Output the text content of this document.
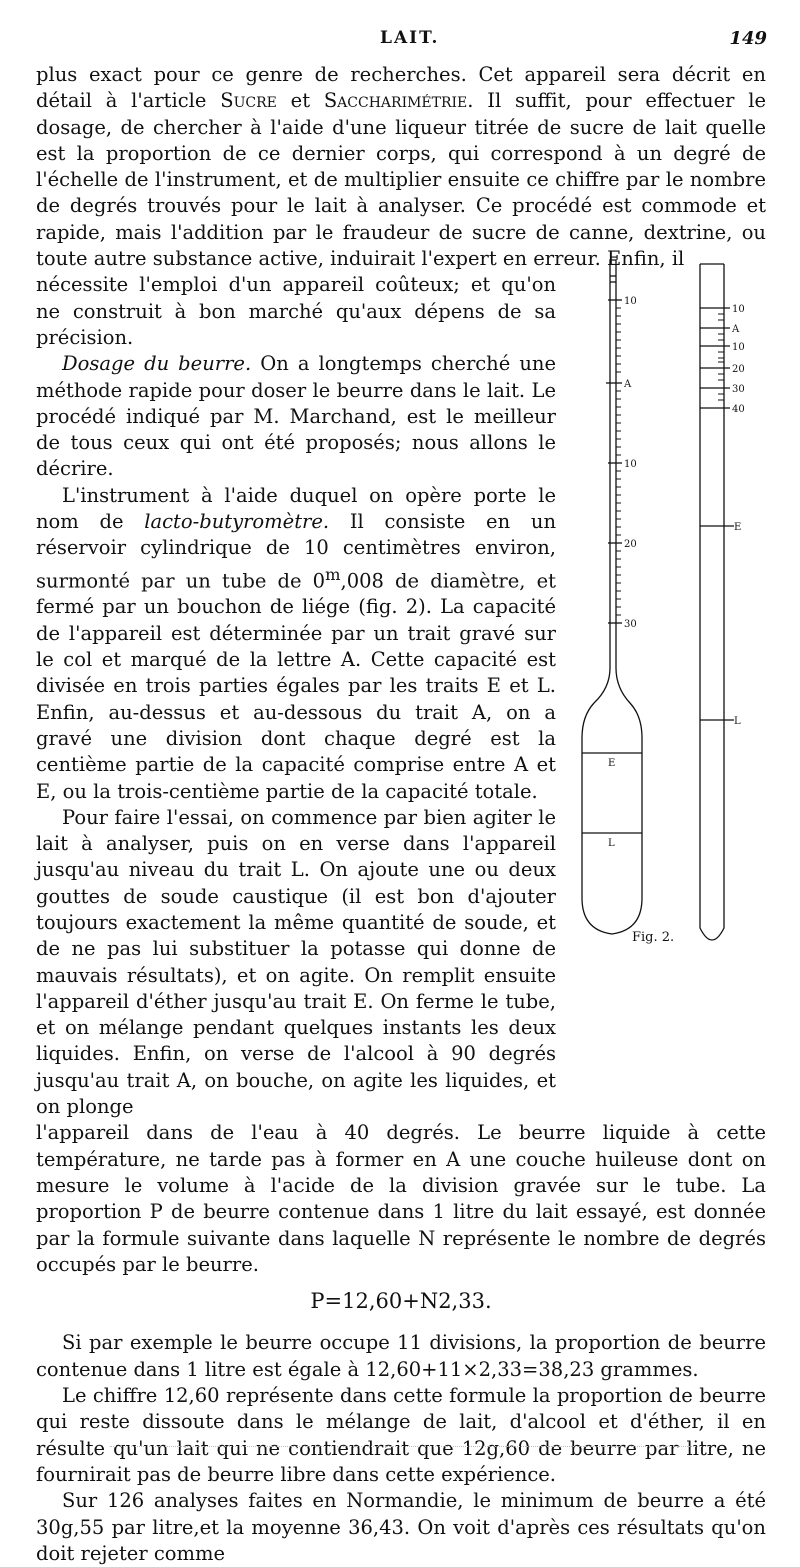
LAIT.	149

plus exact pour ce genre de recherches. Cet appareil sera décrit en détail à l'article Sucre et Saccharimétrie. Il suffit, pour effectuer le dosage, de chercher à l'aide d'une liqueur titrée de sucre de lait quelle est la proportion de ce dernier corps, qui correspond à un degré de l'échelle de l'instrument, et de multiplier ensuite ce chiffre par le nombre de degrés trouvés pour le lait à analyser. Ce procédé est commode et rapide, mais l'addition par le fraudeur de sucre de canne, dextrine, ou toute autre substance active, induirait l'expert en erreur. Enfin, il

nécessite l'emploi d'un appareil coûteux; et qu'on ne construit à bon marché qu'aux dépens de sa précision.

Dosage du beurre. On a longtemps cherché une méthode rapide pour doser le beurre dans le lait. Le procédé indiqué par M. Marchand, est le meilleur de tous ceux qui ont été proposés; nous allons le décrire.

L'instrument à l'aide duquel on opère porte le nom de lacto-butyromètre. Il consiste en un réservoir cylindrique de 10 centimètres environ, surmonté par un tube de 0$^m$,008 de diamètre, et fermé par un bouchon de liége (fig. 2). La capacité de l'appareil est déterminée par un trait gravé sur le col et marqué de la lettre A. Cette capacité est divisée en trois parties égales par les traits E et L. Enfin, au-dessus et au-dessous du trait A, on a gravé une division dont chaque degré est la centième partie de la capacité comprise entre A et E, ou la trois-centième partie de la capacité totale.

Pour faire l'essai, on commence par bien agiter le lait à analyser, puis on en verse dans l'appareil jusqu'au niveau du trait L. On ajoute une ou deux gouttes de soude caustique (il est bon d'ajouter toujours exactement la même quantité de soude, et de ne pas lui substituer la potasse qui donne de mauvais résultats), et on agite. On remplit ensuite l'appareil d'éther jusqu'au trait E. On ferme le tube, et on mélange pendant quelques instants les deux liquides. Enfin, on verse de l'alcool à 90 degrés jusqu'au trait A, on bouche, on agite les liquides, et on plonge

l'appareil dans de l'eau à 40 degrés. Le beurre liquide à cette température, ne tarde pas à former en A une couche huileuse dont on mesure le volume à l'acide de la division gravée sur le tube. La proportion P de beurre contenue dans 1 litre du lait essayé, est donnée par la formule suivante dans laquelle N représente le nombre de degrés occupés par le beurre.

P=12,60+N2,33.

Si par exemple le beurre occupe 11 divisions, la proportion de beurre contenue dans 1 litre est égale à 12,60+11×2,33=38,23 grammes.

Le chiffre 12,60 représente dans cette formule la proportion de beurre qui reste dissoute dans le mélange de lait, d'alcool et d'éther, il en résulte qu'un lait qui ne contiendrait que 12g,60 de beurre par litre, ne fournirait pas de beurre libre dans cette expérience.

Sur 126 analyses faites en Normandie, le minimum de beurre a été 30g,55 par litre,et la moyenne 36,43. On voit d'après ces résultats qu'on doit rejeter comme

10
A
10
20
30
E
L
10
A
10
20
30
40
E
L
Fig. 2.
